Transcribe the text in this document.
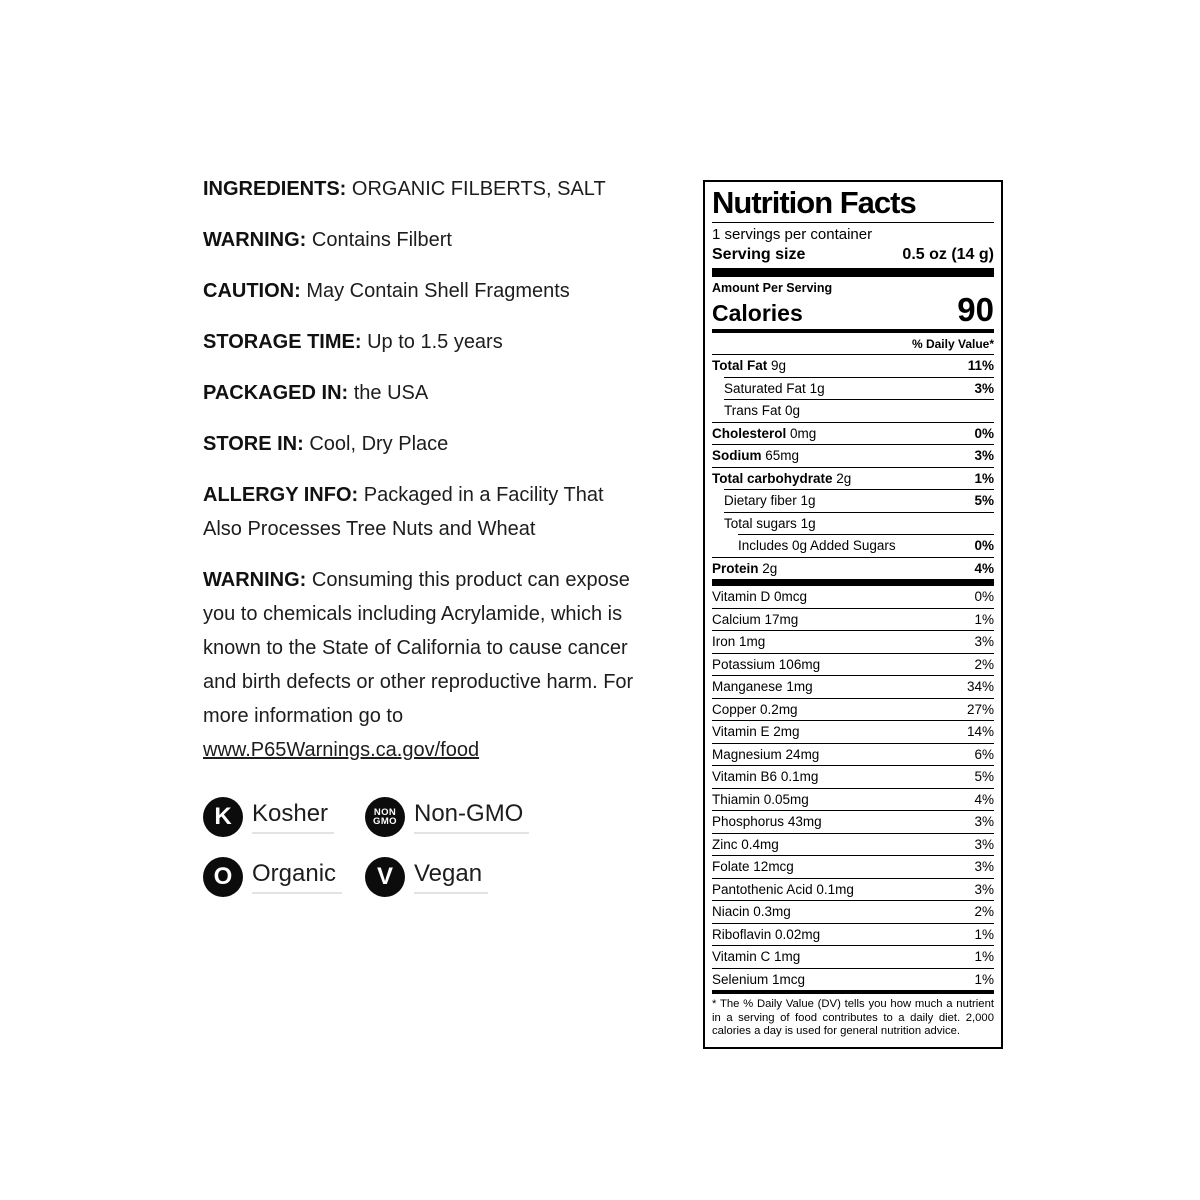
INGREDIENTS: ORGANIC FILBERTS, SALT

WARNING: Contains Filbert

CAUTION: May Contain Shell Fragments

STORAGE TIME: Up to 1.5 years

PACKAGED IN: the USA

STORE IN: Cool, Dry Place

ALLERGY INFO: Packaged in a Facility That Also Processes Tree Nuts and Wheat

WARNING: Consuming this product can expose you to chemicals including Acrylamide, which is known to the State of California to cause cancer and birth defects or other reproductive harm. For more information go to www.P65Warnings.ca.gov/food

K Kosher	NON
GMO Non-GMO
O Organic V Vegan
Nutrition Facts
1 servings per container
Serving size	0.5 oz (14 g)
Amount Per Serving
Calories	90
% Daily Value*
Total Fat 9g	11%
Saturated Fat 1g	3%
Trans Fat 0g
Cholesterol 0mg	0%
Sodium 65mg	3%
Total carbohydrate 2g	1%
Dietary fiber 1g	5%
Total sugars 1g
Includes 0g Added Sugars	0%
Protein 2g	4%
Vitamin D 0mcg	0%
Calcium 17mg	1%
Iron 1mg	3%
Potassium 106mg	2%
Manganese 1mg	34%
Copper 0.2mg	27%
Vitamin E 2mg	14%
Magnesium 24mg	6%
Vitamin B6 0.1mg	5%
Thiamin 0.05mg	4%
Phosphorus 43mg	3%
Zinc 0.4mg	3%
Folate 12mcg	3%
Pantothenic Acid 0.1mg	3%
Niacin 0.3mg	2%
Riboflavin 0.02mg	1%
Vitamin C 1mg	1%
Selenium 1mcg	1%
* The % Daily Value (DV) tells you how much a nutrient in a serving of food contributes to a daily diet. 2,000 calories a day is used for general nutrition advice.
